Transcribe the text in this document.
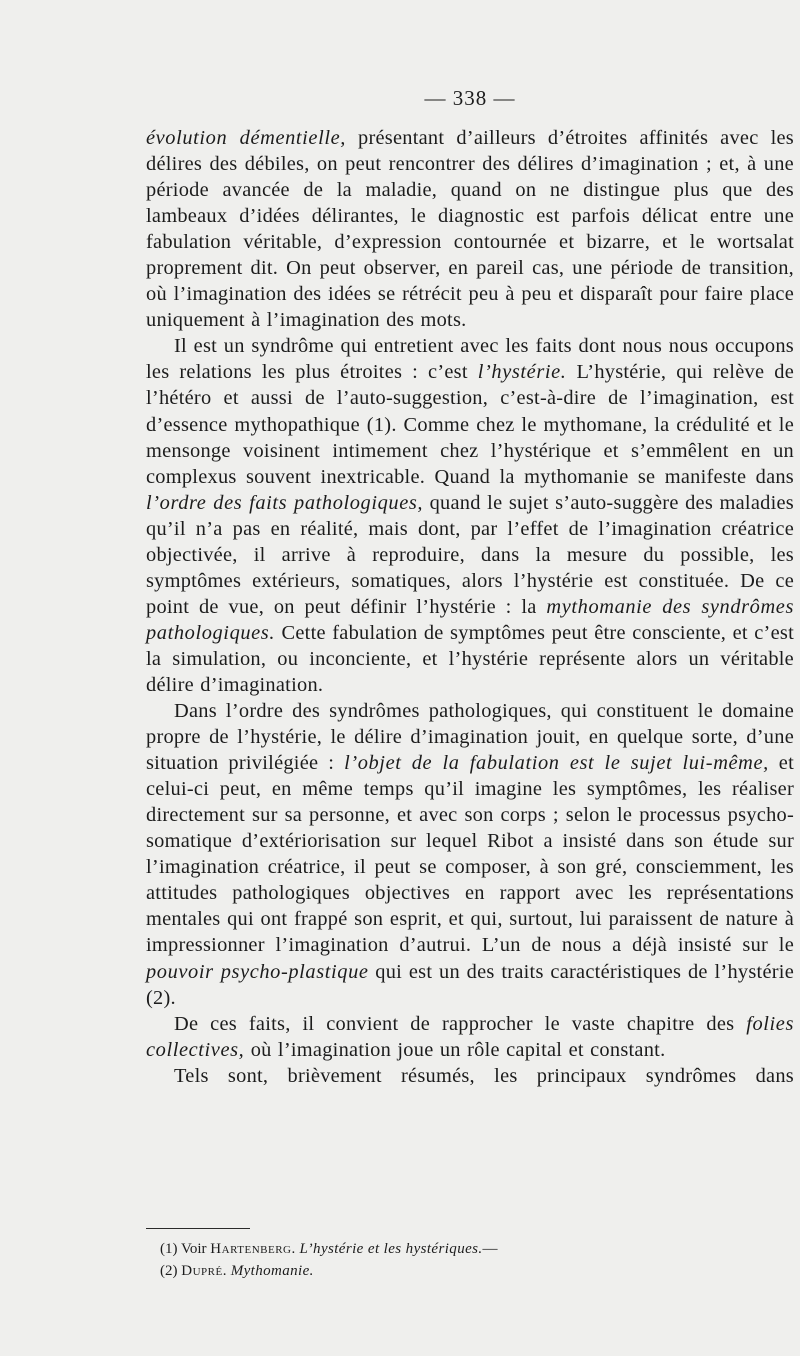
— 338 —

évolution démentielle, présentant d’ailleurs d’étroites affinités avec les délires des débiles, on peut rencontrer des délires d’imagination ; et, à une période avancée de la maladie, quand on ne distingue plus que des lambeaux d’idées délirantes, le diagnostic est parfois délicat entre une fabulation véritable, d’expression contournée et bizarre, et le wortsalat proprement dit. On peut observer, en pareil cas, une période de transition, où l’imagination des idées se rétrécit peu à peu et disparaît pour faire place uniquement à l’imagination des mots.

Il est un syndrôme qui entretient avec les faits dont nous nous occupons les relations les plus étroites : c’est l’hystérie. L’hystérie, qui relève de l’hétéro et aussi de l’auto-suggestion, c’est-à-dire de l’imagination, est d’essence mythopathique (1). Comme chez le mythomane, la crédulité et le mensonge voisinent intimement chez l’hystérique et s’emmêlent en un complexus souvent inextricable. Quand la mythomanie se manifeste dans l’ordre des faits pathologiques, quand le sujet s’auto-suggère des maladies qu’il n’a pas en réalité, mais dont, par l’effet de l’imagination créatrice objectivée, il arrive à reproduire, dans la mesure du possible, les symptômes extérieurs, somatiques, alors l’hystérie est constituée. De ce point de vue, on peut définir l’hystérie : la mythomanie des syndrômes pathologiques. Cette fabulation de symptômes peut être consciente, et c’est la simulation, ou inconciente, et l’hystérie représente alors un véritable délire d’imagination.

Dans l’ordre des syndrômes pathologiques, qui constituent le domaine propre de l’hystérie, le délire d’imagination jouit, en quelque sorte, d’une situation privilégiée : l’objet de la fabulation est le sujet lui-même, et celui-ci peut, en même temps qu’il imagine les symptômes, les réaliser directement sur sa personne, et avec son corps ; selon le processus psycho-somatique d’extériorisation sur lequel Ribot a insisté dans son étude sur l’imagination créatrice, il peut se composer, à son gré, consciemment, les attitudes pathologiques objectives en rapport avec les représentations mentales qui ont frappé son esprit, et qui, surtout, lui paraissent de nature à impressionner l’imagination d’autrui. L’un de nous a déjà insisté sur le pouvoir psycho-plastique qui est un des traits caractéristiques de l’hystérie (2).

De ces faits, il convient de rapprocher le vaste chapitre des folies collectives, où l’imagination joue un rôle capital et constant.

Tels sont, brièvement résumés, les principaux syndrômes dans

(1) Voir Hartenberg. L’hystérie et les hystériques.—

(2) Dupré. Mythomanie.
